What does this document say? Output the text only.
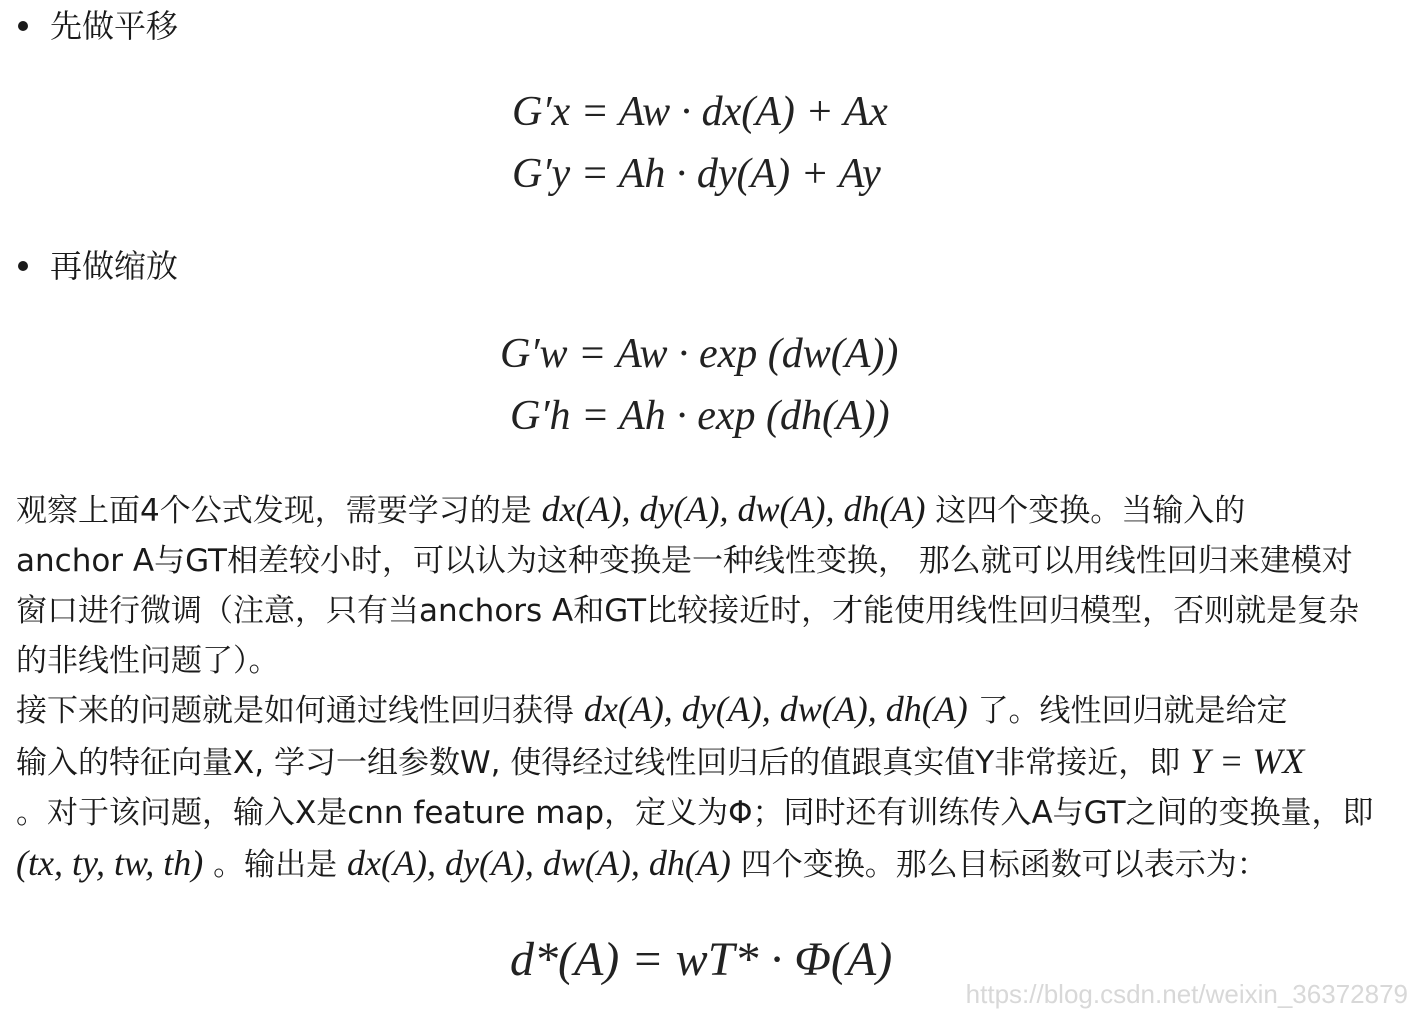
先做平移
G′x = Aw · dx(A) + Ax
G′y = Ah · dy(A) + Ay
再做缩放
G′w = Aw · exp (dw(A))
G′h = Ah · exp (dh(A))
观察上面4个公式发现，需要学习的是 dx(A), dy(A), dw(A), dh(A) 这四个变换。当输入的
anchor A与GT相差较小时，可以认为这种变换是一种线性变换， 那么就可以用线性回归来建模对
窗口进行微调（注意，只有当anchors A和GT比较接近时，才能使用线性回归模型，否则就是复杂
的非线性问题了）。
接下来的问题就是如何通过线性回归获得 dx(A), dy(A), dw(A), dh(A) 了。线性回归就是给定
输入的特征向量X, 学习一组参数W, 使得经过线性回归后的值跟真实值Y非常接近，即 Y = WX
。对于该问题，输入X是cnn feature map，定义为Φ；同时还有训练传入A与GT之间的变换量，即
(tx, ty, tw, th) 。输出是 dx(A), dy(A), dw(A), dh(A) 四个变换。那么目标函数可以表示为：
d*(A) = wT* · Φ(A)
https://blog.csdn.net/weixin_36372879
